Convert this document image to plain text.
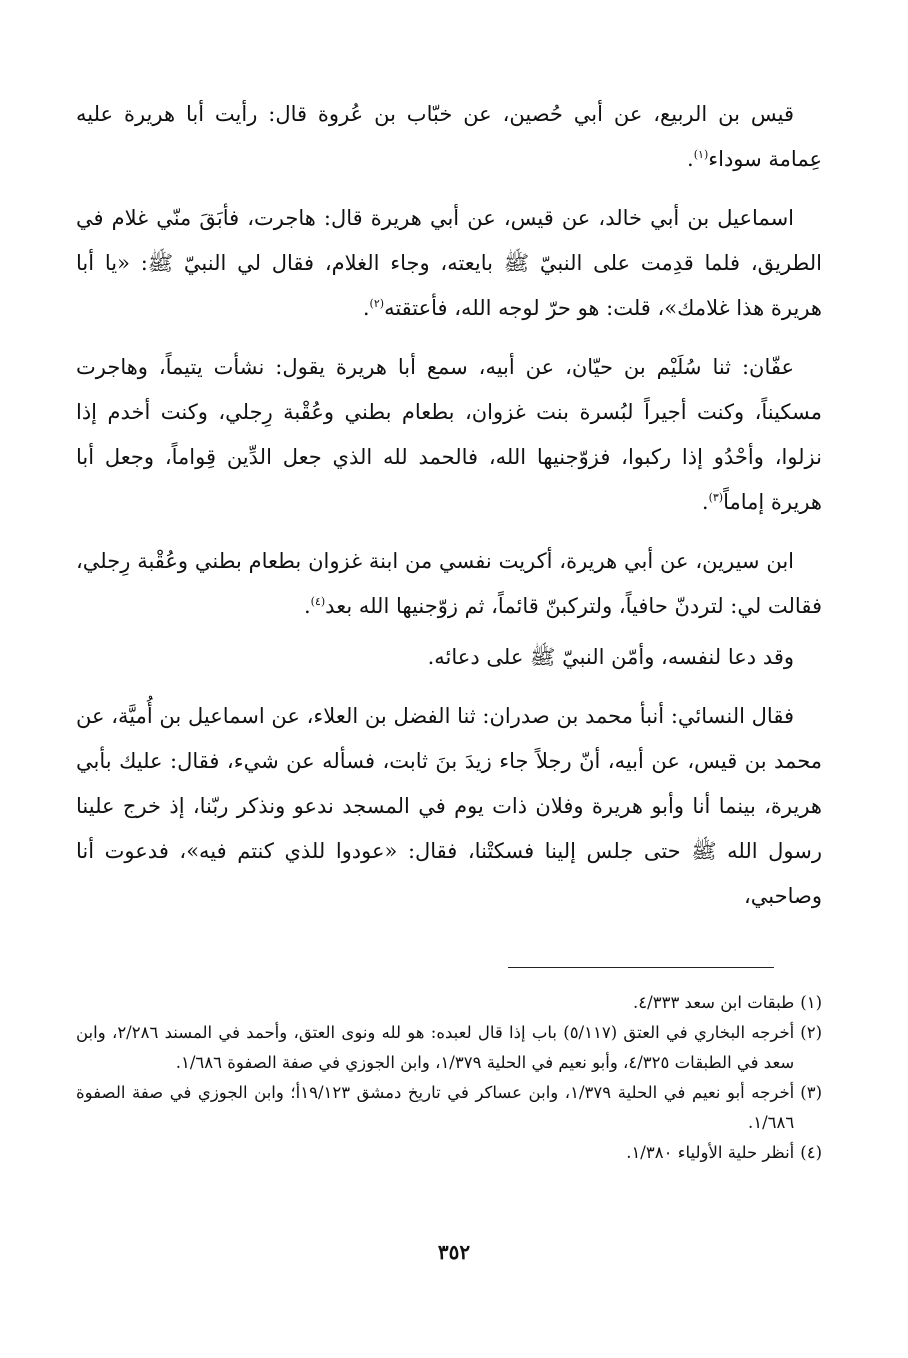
قيس بن الربيع، عن أبي حُصين، عن خبّاب بن عُروة قال: رأيت أبا هريرة عليه عِمامة سوداء$^{(١)}$.

اسماعيل بن أبي خالد، عن قيس، عن أبي هريرة قال: هاجرت، فأبَقَ منّي غلام في الطريق، فلما قدِمت على النبيّ ﷺ بايعته، وجاء الغلام، فقال لي النبيّ ﷺ: «يا أبا هريرة هذا غلامك»، قلت: هو حرّ لوجه الله، فأعتقته$^{(٢)}$.

عفّان: ثنا سُلَيْم بن حيّان، عن أبيه، سمع أبا هريرة يقول: نشأت يتيماً، وهاجرت مسكيناً، وكنت أجيراً لبُسرة بنت غزوان، بطعام بطني وعُقْبة رِجلي، وكنت أخدم إذا نزلوا، وأحْدُو إذا ركبوا، فزوّجنيها الله، فالحمد لله الذي جعل الدِّين قِواماً، وجعل أبا هريرة إماماً$^{(٣)}$.

ابن سيرين، عن أبي هريرة، أكريت نفسي من ابنة غزوان بطعام بطني وعُقْبة رِجلي، فقالت لي: لتردنّ حافياً، ولتركبنّ قائماً، ثم زوّجنيها الله بعد$^{(٤)}$.

وقد دعا لنفسه، وأمّن النبيّ ﷺ على دعائه.

فقال النسائي: أنبأ محمد بن صدران: ثنا الفضل بن العلاء، عن اسماعيل بن أُميَّة، عن محمد بن قيس، عن أبيه، أنّ رجلاً جاء زيدَ بنَ ثابت، فسأله عن شيء، فقال: عليك بأبي هريرة، بينما أنا وأبو هريرة وفلان ذات يوم في المسجد ندعو ونذكر ربّنا، إذ خرج علينا رسول الله ﷺ حتى جلس إلينا فسكتْنا، فقال: «عودوا للذي كنتم فيه»، فدعوت أنا وصاحبي،

(١)
طبقات ابن سعد ٤/٣٣٣.
(٢)
أخرجه البخاري في العتق (٥/١١٧) باب إذا قال لعبده: هو لله ونوى العتق، وأحمد في المسند ٢/٢٨٦، وابن سعد في الطبقات ٤/٣٢٥، وأبو نعيم في الحلية ١/٣٧٩، وابن الجوزي في صفة الصفوة ١/٦٨٦.
(٣)
أخرجه أبو نعيم في الحلية ١/٣٧٩، وابن عساكر في تاريخ دمشق ١٩/١٢٣أ؛ وابن الجوزي في صفة الصفوة ١/٦٨٦.
(٤)
أنظر حلية الأولياء ١/٣٨٠.
٣٥٢
